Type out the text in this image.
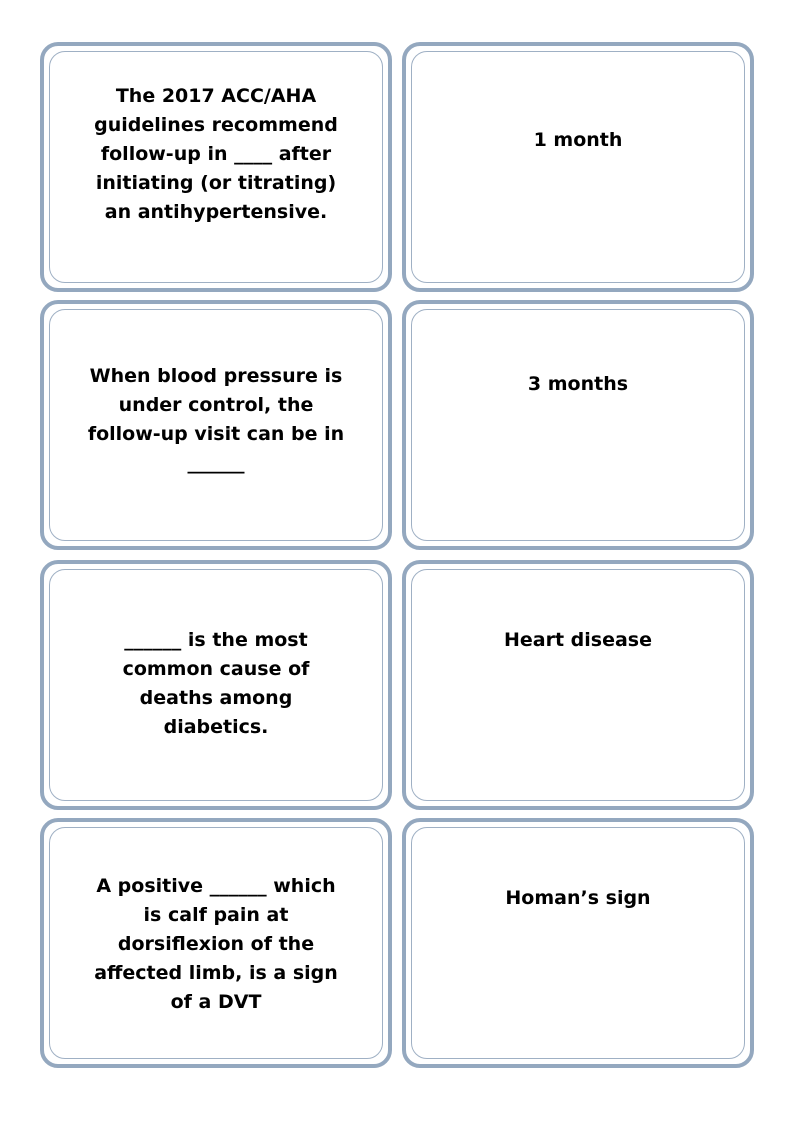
The 2017 ACC/AHA
guidelines recommend
follow-up in ____ after
initiating (or titrating)
an antihypertensive.

1 month

When blood pressure is
under control, the
follow-up visit can be in
______

3 months

______ is the most
common cause of
deaths among
diabetics.

Heart disease

A positive ______ which
is calf pain at
dorsiflexion of the
affected limb, is a sign
of a DVT

Homan’s sign
